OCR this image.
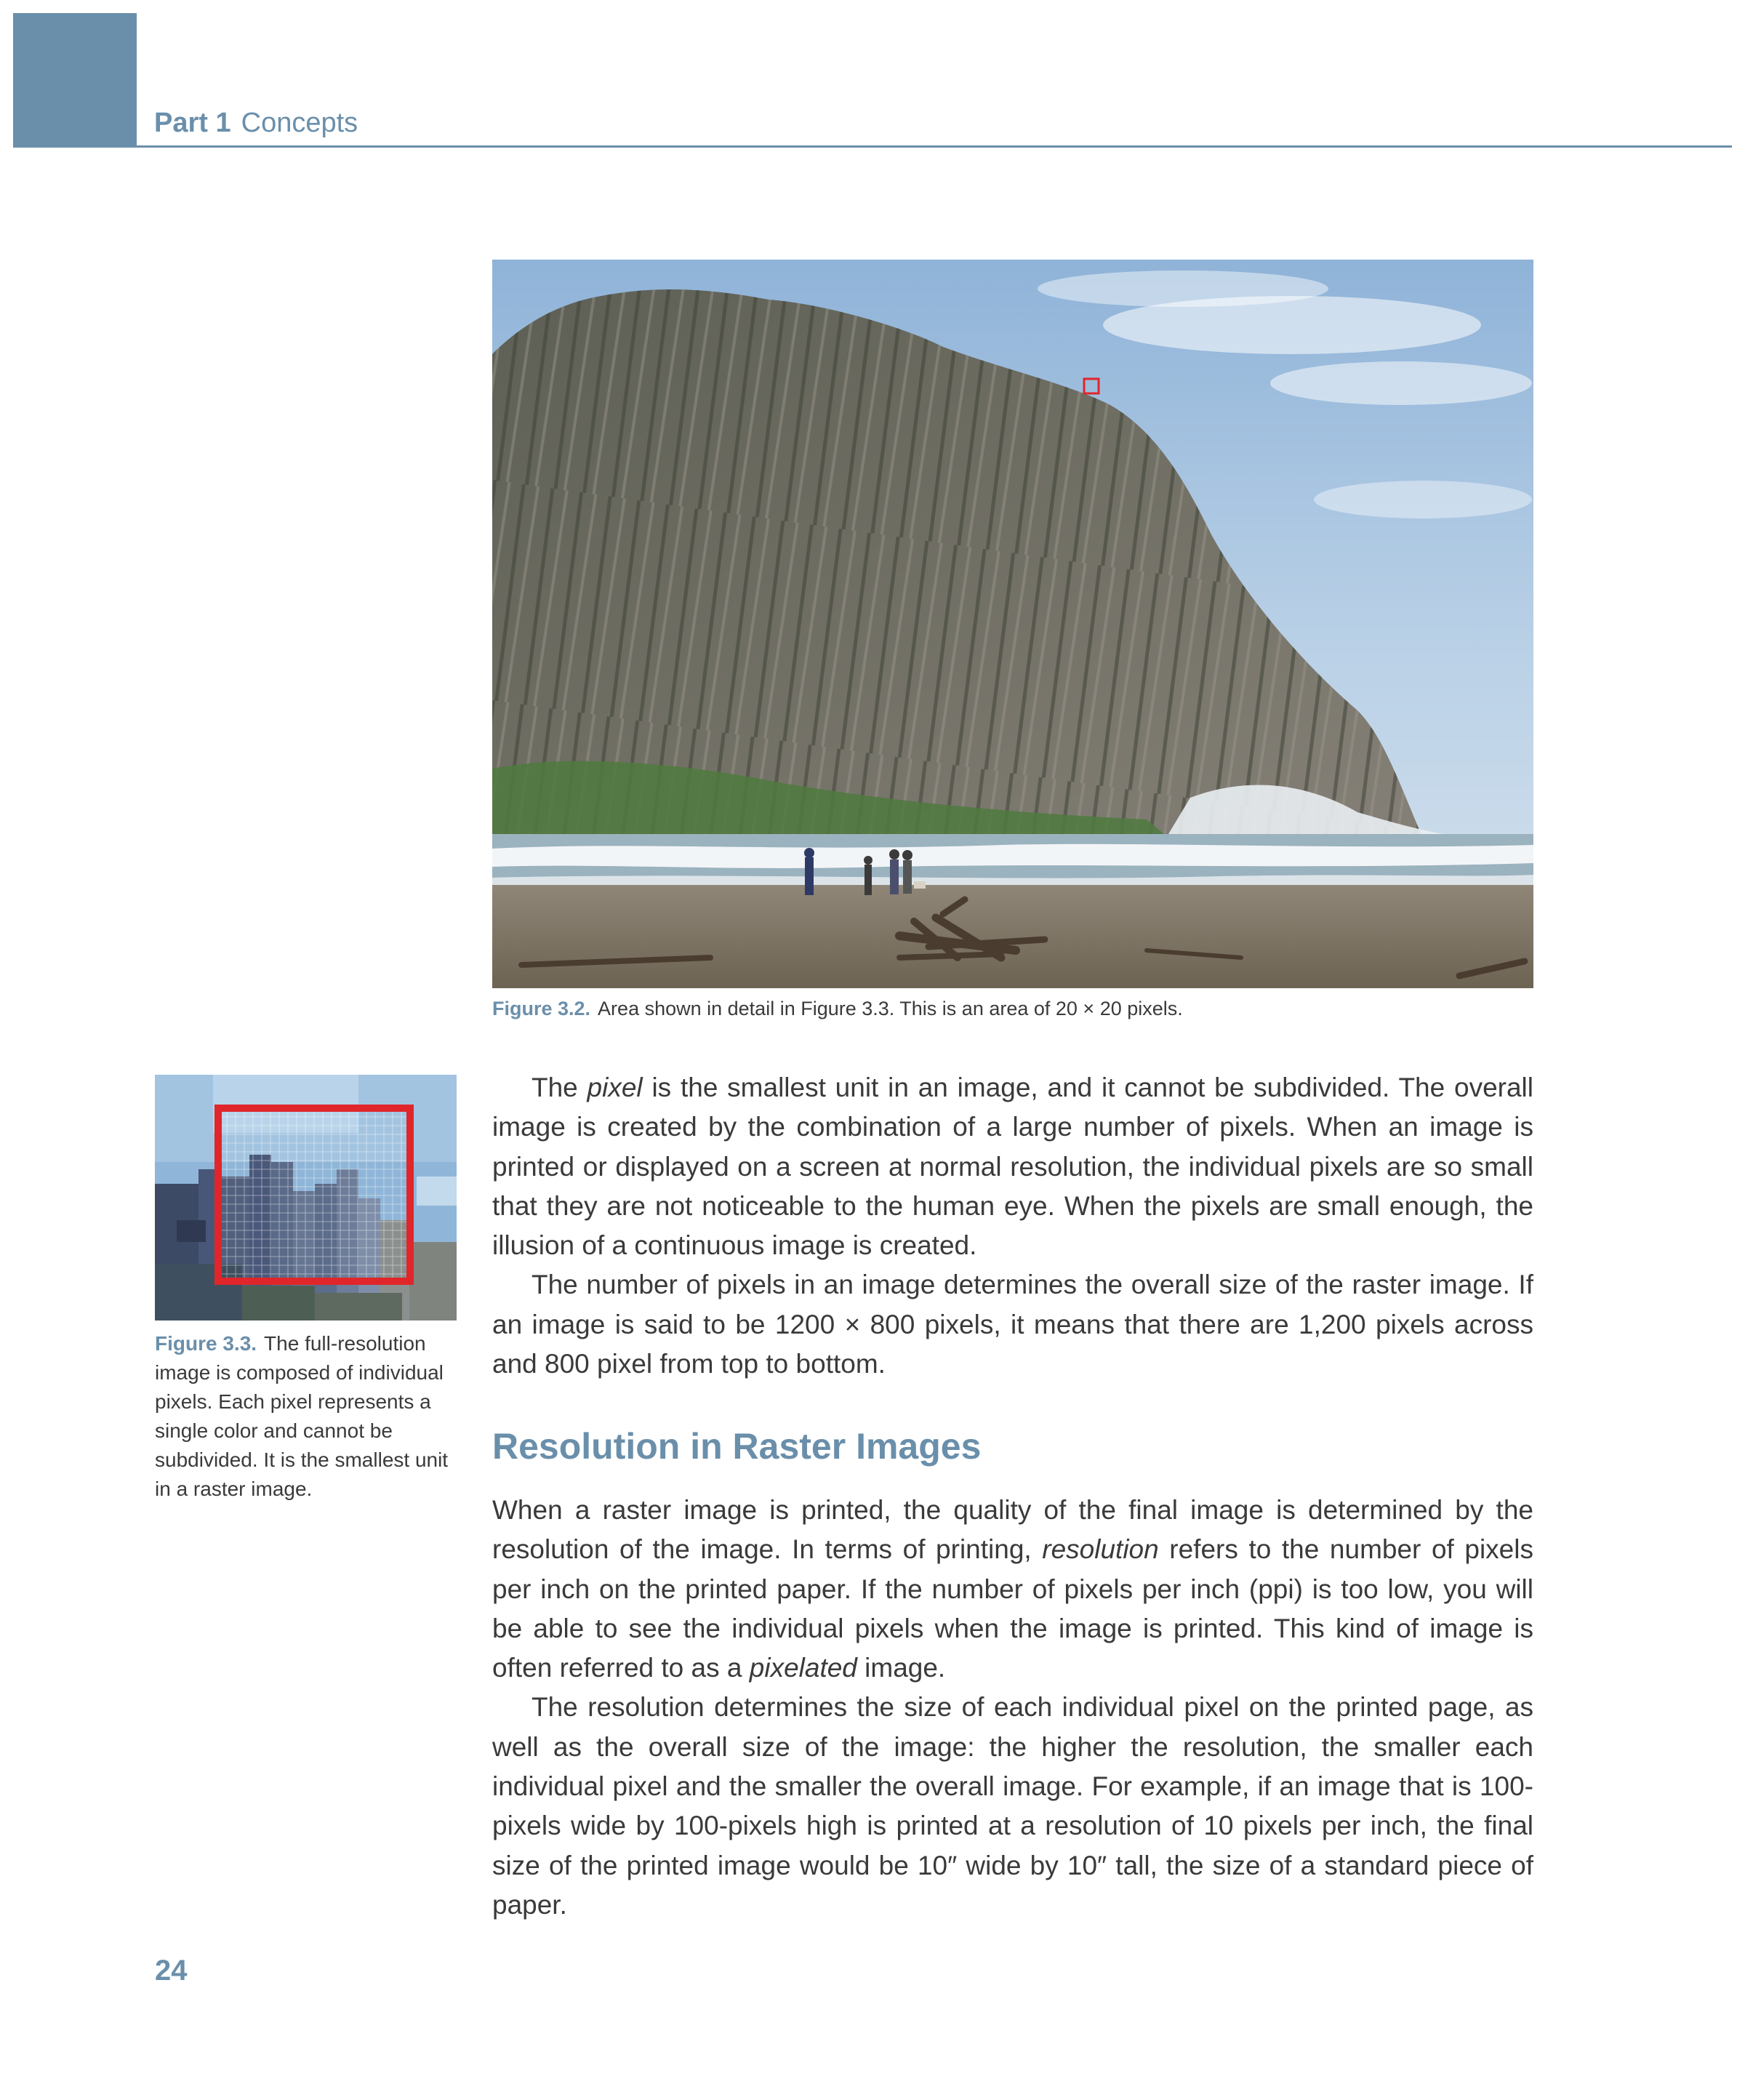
Part 1 Concepts
Figure 3.2. Area shown in detail in Figure 3.3. This is an area of 20 × 20 pixels.
Figure 3.3. The full-resolution image is composed of individual pixels. Each pixel represents a single color and cannot be subdivided. It is the smallest unit in a raster image.

The pixel is the smallest unit in an image, and it cannot be subdivided. The overall image is created by the combination of a large number of pixels. When an image is printed or displayed on a screen at normal resolution, the individual pixels are so small that they are not noticeable to the human eye. When the pixels are small enough, the illusion of a continuous image is created.

The number of pixels in an image determines the overall size of the raster image. If an image is said to be 1200 × 800 pixels, it means that there are 1,200 pixels across and 800 pixel from top to bottom.

Resolution in Raster Images

When a raster image is printed, the quality of the final image is determined by the resolution of the image. In terms of printing, resolution refers to the number of pixels per inch on the printed paper. If the number of pixels per inch (ppi) is too low, you will be able to see the individual pixels when the image is printed. This kind of image is often referred to as a pixelated image.

The resolution determines the size of each individual pixel on the printed page, as well as the overall size of the image: the higher the resolution, the smaller each individual pixel and the smaller the overall image. For example, if an image that is 100-pixels wide by 100-pixels high is printed at a resolution of 10 pixels per inch, the final size of the printed image would be 10″ wide by 10″ tall, the size of a standard piece of paper.

24
